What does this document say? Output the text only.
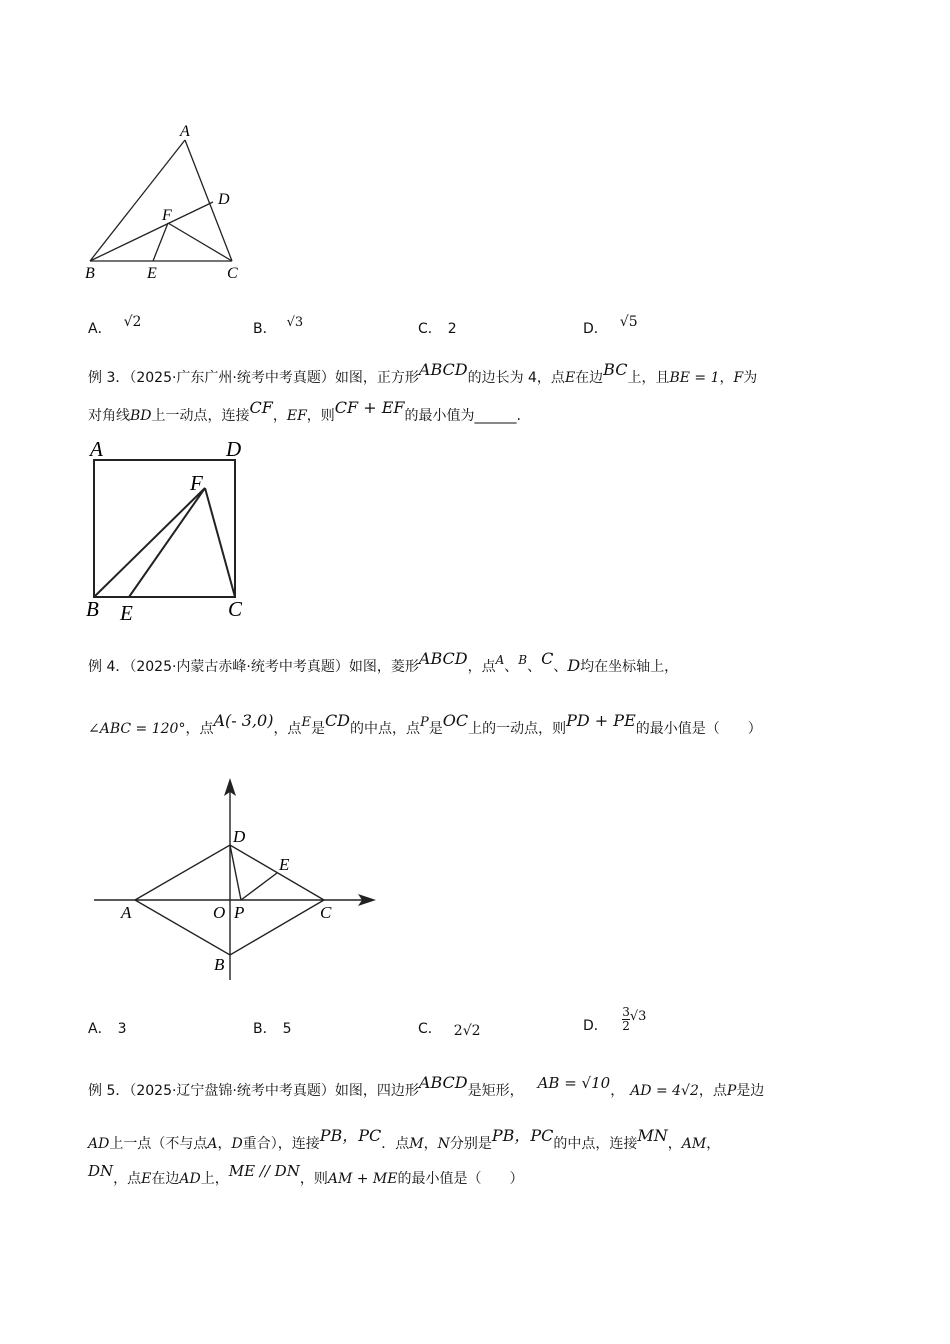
A
B	C
D
E
F
A． √2	B． √3	C． 2	D． √5
例 3．（2025·广东广州·统考中考真题）如图，正方形ABCD的边长为 4，点E在边BC上，且BE = 1，F为
对角线BD上一动点，连接CF，EF，则CF + EF的最小值为______.
A	D
F
B E	C
例 4．（2025·内蒙古赤峰·统考中考真题）如图，菱形ABCD，点A、B、C、D均在坐标轴上，
∠ABC = 120°，点A(- 3,0)，点E是CD的中点，点P是OC上的一动点，则PD + PE的最小值是（　　）
A	O P	C
D
E
B
A． 3	B． 5	C． 2√2	D． $\frac{3}{2} √3$
例 5．（2025·辽宁盘锦·统考中考真题）如图，四边形ABCD是矩形， AB = √10， AD = 4√2，点P是边
AD上一点（不与点A，D重合），连接PB，PC．点M，N分别是PB，PC的中点，连接MN，AM，
DN，点E在边AD上，ME // DN，则AM + ME的最小值是（　　）
